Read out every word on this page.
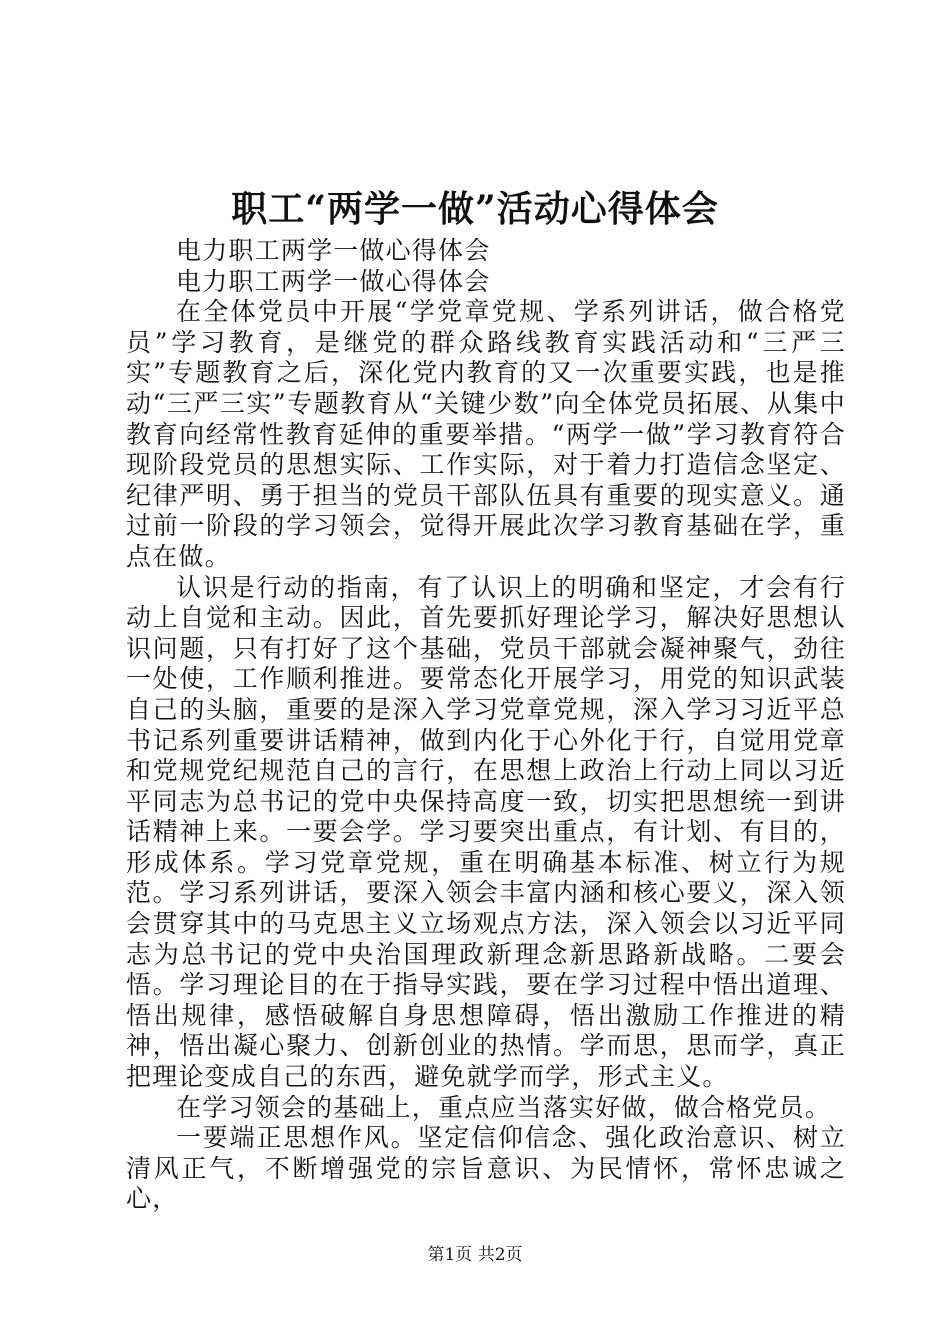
职工“两学一做”活动心得体会

电力职工两学一做心得体会

电力职工两学一做心得体会

在全体党员中开展“学党章党规、学系列讲话，做合格党员”学习教育，是继党的群众路线教育实践活动和“三严三实”专题教育之后，深化党内教育的又一次重要实践，也是推动“三严三实”专题教育从“关键少数”向全体党员拓展、从集中教育向经常性教育延伸的重要举措。“两学一做”学习教育符合现阶段党员的思想实际、工作实际，对于着力打造信念坚定、纪律严明、勇于担当的党员干部队伍具有重要的现实意义。通过前一阶段的学习领会，觉得开展此次学习教育基础在学，重点在做。

认识是行动的指南，有了认识上的明确和坚定，才会有行动上自觉和主动。因此，首先要抓好理论学习，解决好思想认识问题，只有打好了这个基础，党员干部就会凝神聚气，劲往一处使，工作顺利推进。要常态化开展学习，用党的知识武装自己的头脑，重要的是深入学习党章党规，深入学习习近平总书记系列重要讲话精神，做到内化于心外化于行，自觉用党章和党规党纪规范自己的言行，在思想上政治上行动上同以习近平同志为总书记的党中央保持高度一致，切实把思想统一到讲话精神上来。一要会学。学习要突出重点，有计划、有目的，形成体系。学习党章党规，重在明确基本标准、树立行为规范。学习系列讲话，要深入领会丰富内涵和核心要义，深入领会贯穿其中的马克思主义立场观点方法，深入领会以习近平同志为总书记的党中央治国理政新理念新思路新战略。二要会悟。学习理论目的在于指导实践，要在学习过程中悟出道理、悟出规律，感悟破解自身思想障碍，悟出激励工作推进的精神，悟出凝心聚力、创新创业的热情。学而思，思而学，真正把理论变成自己的东西，避免就学而学，形式主义。

在学习领会的基础上，重点应当落实好做，做合格党员。

一要端正思想作风。坚定信仰信念、强化政治意识、树立清风正气，不断增强党的宗旨意识、为民情怀，常怀忠诚之心，

第1页 共2页
